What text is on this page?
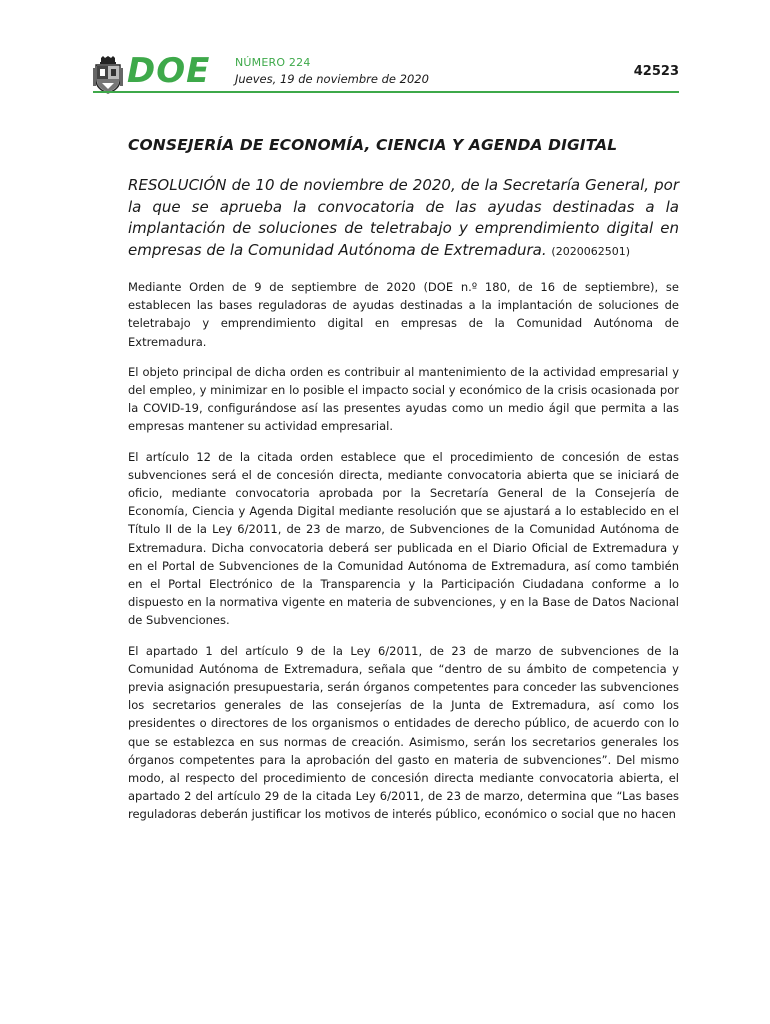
DOE NÚMERO 224
Jueves, 19 de noviembre de 2020	42523
CONSEJERÍA DE ECONOMÍA, CIENCIA Y AGENDA DIGITAL

RESOLUCIÓN de 10 de noviembre de 2020, de la Secretaría General, por la que se aprueba la convocatoria de las ayudas destinadas a la implantación de soluciones de teletrabajo y emprendimiento digital en empresas de la Comunidad Autónoma de Extremadura. (2020062501)

Mediante Orden de 9 de septiembre de 2020 (DOE n.º 180, de 16 de septiembre), se establecen las bases reguladoras de ayudas destinadas a la implantación de soluciones de teletrabajo y emprendimiento digital en empresas de la Comunidad Autónoma de Extremadura.

El objeto principal de dicha orden es contribuir al mantenimiento de la actividad empresarial y del empleo, y minimizar en lo posible el impacto social y económico de la crisis ocasionada por la COVID-19, configurándose así las presentes ayudas como un medio ágil que permita a las empresas mantener su actividad empresarial.

El artículo 12 de la citada orden establece que el procedimiento de concesión de estas subvenciones será el de concesión directa, mediante convocatoria abierta que se iniciará de oficio, mediante convocatoria aprobada por la Secretaría General de la Consejería de Economía, Ciencia y Agenda Digital mediante resolución que se ajustará a lo establecido en el Título II de la Ley 6/2011, de 23 de marzo, de Subvenciones de la Comunidad Autónoma de Extremadura. Dicha convocatoria deberá ser publicada en el Diario Oficial de Extremadura y en el Portal de Subvenciones de la Comunidad Autónoma de Extremadura, así como también en el Portal Electrónico de la Transparencia y la Participación Ciudadana conforme a lo dispuesto en la normativa vigente en materia de subvenciones, y en la Base de Datos Nacional de Subvenciones.

El apartado 1 del artículo 9 de la Ley 6/2011, de 23 de marzo de subvenciones de la Comunidad Autónoma de Extremadura, señala que “dentro de su ámbito de competencia y previa asignación presupuestaria, serán órganos competentes para conceder las subvenciones los secretarios generales de las consejerías de la Junta de Extremadura, así como los presidentes o directores de los organismos o entidades de derecho público, de acuerdo con lo que se establezca en sus normas de creación. Asimismo, serán los secretarios generales los órganos competentes para la aprobación del gasto en materia de subvenciones”. Del mismo modo, al respecto del procedimiento de concesión directa mediante convocatoria abierta, el apartado 2 del artículo 29 de la citada Ley 6/2011, de 23 de marzo, determina que “Las bases reguladoras deberán justificar los motivos de interés público, económico o social que no hacen
